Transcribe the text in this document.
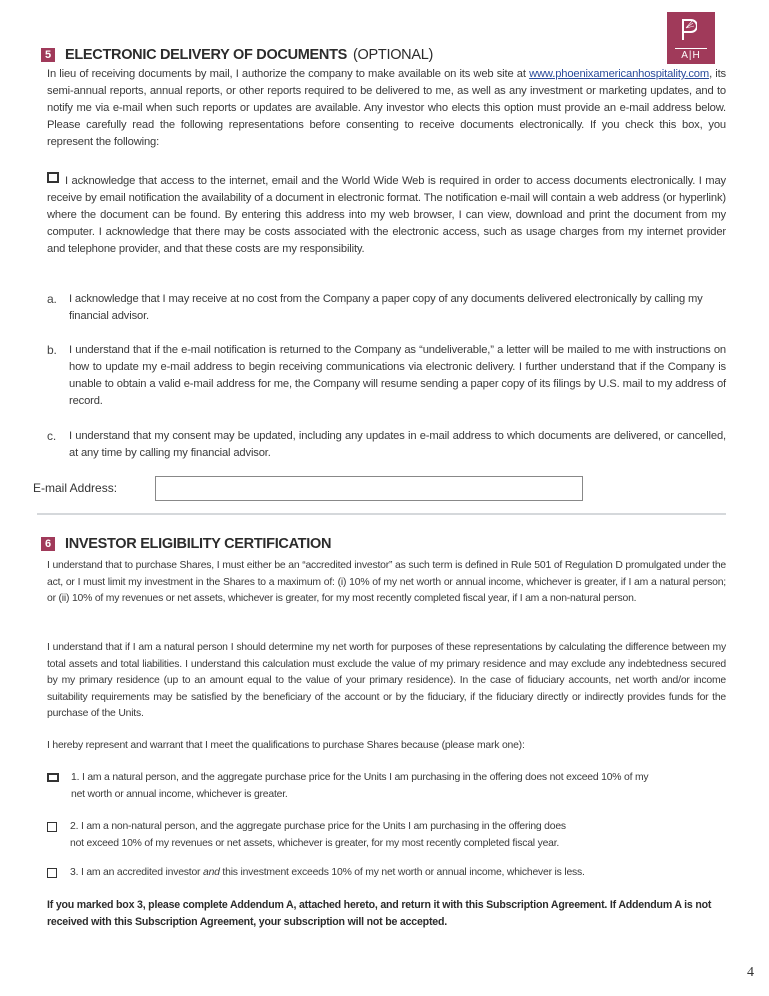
A|H
5 ELECTRONIC DELIVERY OF DOCUMENTS (OPTIONAL)
In lieu of receiving documents by mail, I authorize the company to make available on its web site at www.phoenixamericanhospitality.com, its semi-annual reports, annual reports, or other reports required to be delivered to me, as well as any investment or marketing updates, and to notify me via e-mail when such reports or updates are available. Any investor who elects this option must provide an e-mail address below. Please carefully read the following representations before consenting to receive documents electronically. If you check this box, you represent the following:
I acknowledge that access to the internet, email and the World Wide Web is required in order to access documents electronically. I may receive by email notification the availability of a document in electronic format. The notification e-mail will contain a web address (or hyperlink) where the document can be found. By entering this address into my web browser, I can view, download and print the document from my computer. I acknowledge that there may be costs associated with the electronic access, such as usage charges from my internet provider and telephone provider, and that these costs are my responsibility.
a.	I acknowledge that I may receive at no cost from the Company a paper copy of any documents delivered electronically by calling my financial advisor.
b.	I understand that if the e-mail notification is returned to the Company as “undeliverable,” a letter will be mailed to me with instructions on how to update my e-mail address to begin receiving communications via electronic delivery. I further understand that if the Company is unable to obtain a valid e-mail address for me, the Company will resume sending a paper copy of its filings by U.S. mail to my address of record.
c.	I understand that my consent may be updated, including any updates in e-mail address to which documents are delivered, or cancelled, at any time by calling my financial advisor.
E-mail Address:
6 INVESTOR ELIGIBILITY CERTIFICATION
I understand that to purchase Shares, I must either be an “accredited investor” as such term is defined in Rule 501 of Regulation D promulgated under the act, or I must limit my investment in the Shares to a maximum of: (i) 10% of my net worth or annual income, whichever is greater, if I am a natural person; or (ii) 10% of my revenues or net assets, whichever is greater, for my most recently completed fiscal year, if I am a non-natural person.
I understand that if I am a natural person I should determine my net worth for purposes of these representations by calculating the difference between my total assets and total liabilities. I understand this calculation must exclude the value of my primary residence and may exclude any indebtedness secured by my primary residence (up to an amount equal to the value of your primary residence). In the case of fiduciary accounts, net worth and/or income suitability requirements may be satisfied by the beneficiary of the account or by the fiduciary, if the fiduciary directly or indirectly provides funds for the purchase of the Units.
I hereby represent and warrant that I meet the qualifications to purchase Shares because (please mark one):
1. I am a natural person, and the aggregate purchase price for the Units I am purchasing in the offering does not exceed 10% of my
net worth or annual income, whichever is greater.
2. I am a non-natural person, and the aggregate purchase price for the Units I am purchasing in the offering does
not exceed 10% of my revenues or net assets, whichever is greater, for my most recently completed fiscal year.
3. I am an accredited investor and this investment exceeds 10% of my net worth or annual income, whichever is less.
If you marked box 3, please complete Addendum A, attached hereto, and return it with this Subscription Agreement. If Addendum A is not received with this Subscription Agreement, your subscription will not be accepted.
4
